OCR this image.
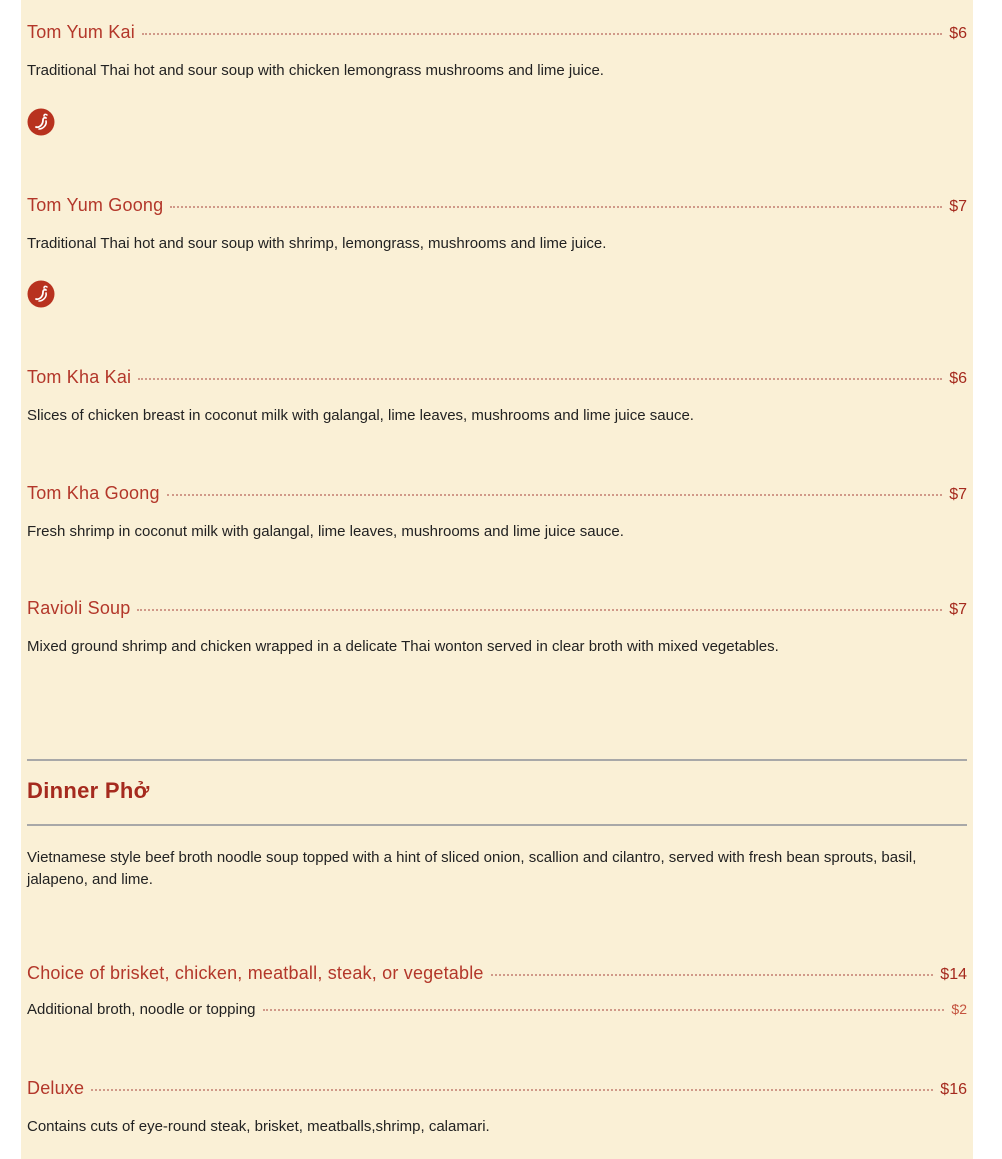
Tom Yum Kai	$6
Traditional Thai hot and sour soup with chicken lemongrass mushrooms and lime juice.
Tom Yum Goong	$7
Traditional Thai hot and sour soup with shrimp, lemongrass, mushrooms and lime juice.
Tom Kha Kai	$6
Slices of chicken breast in coconut milk with galangal, lime leaves, mushrooms and lime juice sauce.
Tom Kha Goong	$7
Fresh shrimp in coconut milk with galangal, lime leaves, mushrooms and lime juice sauce.
Ravioli Soup	$7
Mixed ground shrimp and chicken wrapped in a delicate Thai wonton served in clear broth with mixed vegetables.
Dinner Phở
Vietnamese style beef broth noodle soup topped with a hint of sliced onion, scallion and cilantro, served with fresh bean sprouts, basil, jalapeno, and lime.
Choice of brisket, chicken, meatball, steak, or vegetable	$14
Additional broth, noodle or topping	$2
Deluxe	$16
Contains cuts of eye-round steak, brisket, meatballs,shrimp, calamari.
